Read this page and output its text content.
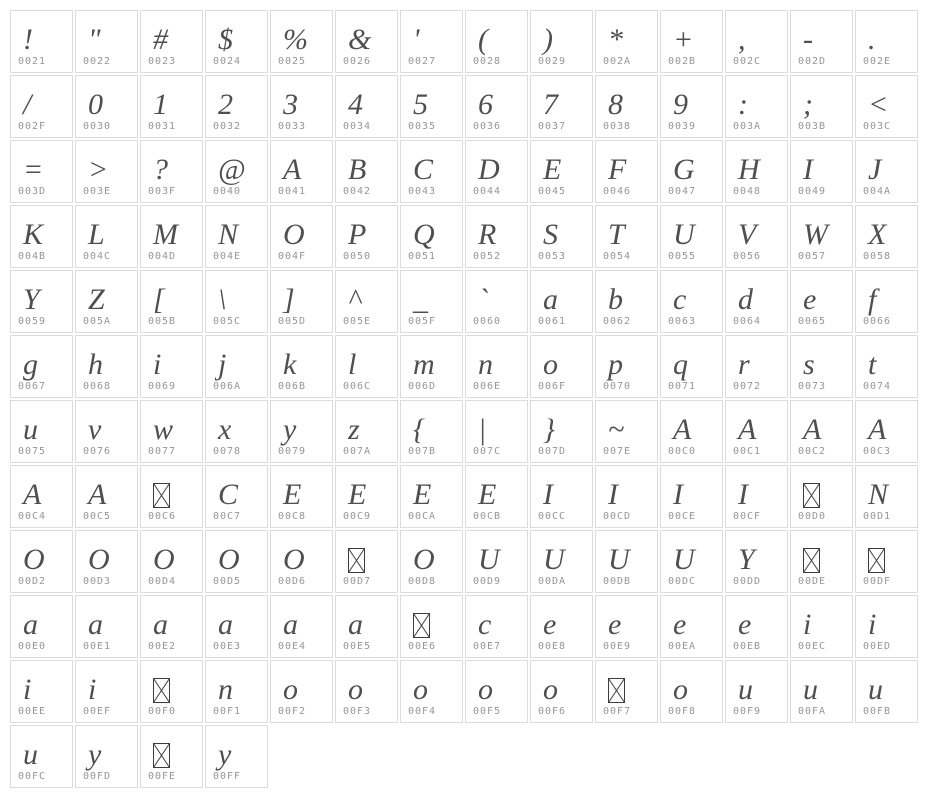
!
0021
"
0022
#
0023
$
0024
%
0025
&
0026
'
0027
(
0028
)
0029
*
002A
+
002B
,
002C
-
002D
.
002E
/
002F
0
0030
1
0031
2
0032
3
0033
4
0034
5
0035
6
0036
7
0037
8
0038
9
0039
:
003A
;
003B
<
003C
=
003D
>
003E
?
003F
@
0040
A
0041
B
0042
C
0043
D
0044
E
0045
F
0046
G
0047
H
0048
I
0049
J
004A
K
004B
L
004C
M
004D
N
004E
O
004F
P
0050
Q
0051
R
0052
S
0053
T
0054
U
0055
V
0056
W
0057
X
0058
Y
0059
Z
005A
[
005B
\
005C
]
005D
^
005E
_
005F
`
0060
a
0061
b
0062
c
0063
d
0064
e
0065
f
0066
g
0067
h
0068
i
0069
j
006A
k
006B
l
006C
m
006D
n
006E
o
006F
p
0070
q
0071
r
0072
s
0073
t
0074
u
0075
v
0076
w
0077
x
0078
y
0079
z
007A
{
007B
|
007C
}
007D
~
007E
A
00C0
A
00C1
A
00C2
A
00C3
A
00C4
A
00C5	00C6
C
00C7
E
00C8
E
00C9
E
00CA
E
00CB
I
00CC
I
00CD
I
00CE
I
00CF	00D0
N
00D1
O
00D2
O
00D3
O
00D4
O
00D5
O
00D6	00D7
O
00D8
U
00D9
U
00DA
U
00DB
U
00DC
Y
00DD	00DE	00DF
a
00E0
a
00E1
a
00E2
a
00E3
a
00E4
a
00E5	00E6
c
00E7
e
00E8
e
00E9
e
00EA
e
00EB
i
00EC
i
00ED
i
00EE
i
00EF	00F0
n
00F1
o
00F2
o
00F3
o
00F4
o
00F5
o
00F6	00F7
o
00F8
u
00F9
u
00FA
u
00FB
u
00FC
y
00FD	00FE
y
00FF
